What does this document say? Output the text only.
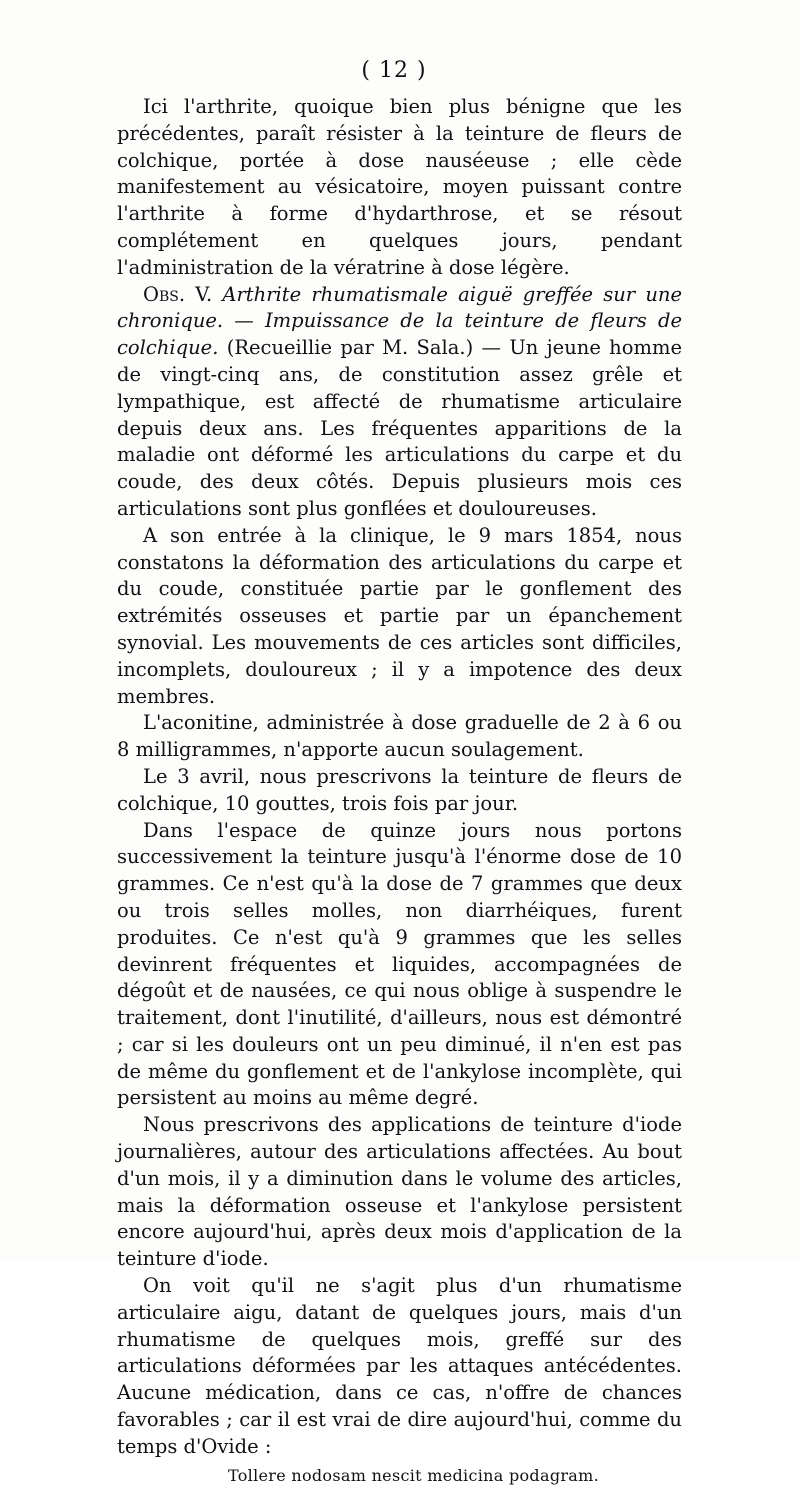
( 12 )

Ici l'arthrite, quoique bien plus bénigne que les précédentes, paraît résister à la teinture de fleurs de colchique, portée à dose nauséeuse ; elle cède manifestement au vésicatoire, moyen puissant contre l'arthrite à forme d'hydarthrose, et se résout complétement en quelques jours, pendant l'administration de la vératrine à dose légère.

Obs. V. Arthrite rhumatismale aiguë greffée sur une chronique. — Impuissance de la teinture de fleurs de colchique. (Recueillie par M. Sala.) — Un jeune homme de vingt-cinq ans, de constitution assez grêle et lympathique, est affecté de rhumatisme articulaire depuis deux ans. Les fréquentes apparitions de la maladie ont déformé les articulations du carpe et du coude, des deux côtés. Depuis plusieurs mois ces articulations sont plus gonflées et douloureuses.

A son entrée à la clinique, le 9 mars 1854, nous constatons la déformation des articulations du carpe et du coude, constituée partie par le gonflement des extrémités osseuses et partie par un épanchement synovial. Les mouvements de ces articles sont difficiles, incomplets, douloureux ; il y a impotence des deux membres.

L'aconitine, administrée à dose graduelle de 2 à 6 ou 8 milligrammes, n'apporte aucun soulagement.

Le 3 avril, nous prescrivons la teinture de fleurs de colchique, 10 gouttes, trois fois par jour.

Dans l'espace de quinze jours nous portons successivement la teinture jusqu'à l'énorme dose de 10 grammes. Ce n'est qu'à la dose de 7 grammes que deux ou trois selles molles, non diarrhéiques, furent produites. Ce n'est qu'à 9 grammes que les selles devinrent fréquentes et liquides, accompagnées de dégoût et de nausées, ce qui nous oblige à suspendre le traitement, dont l'inutilité, d'ailleurs, nous est démontré ; car si les douleurs ont un peu diminué, il n'en est pas de même du gonflement et de l'ankylose incomplète, qui persistent au moins au même degré.

Nous prescrivons des applications de teinture d'iode journalières, autour des articulations affectées. Au bout d'un mois, il y a diminution dans le volume des articles, mais la déformation osseuse et l'ankylose persistent encore aujourd'hui, après deux mois d'application de la teinture d'iode.

On voit qu'il ne s'agit plus d'un rhumatisme articulaire aigu, datant de quelques jours, mais d'un rhumatisme de quelques mois, greffé sur des articulations déformées par les attaques antécédentes. Aucune médication, dans ce cas, n'offre de chances favorables ; car il est vrai de dire aujourd'hui, comme du temps d'Ovide :

Tollere nodosam nescit medicina podagram.
